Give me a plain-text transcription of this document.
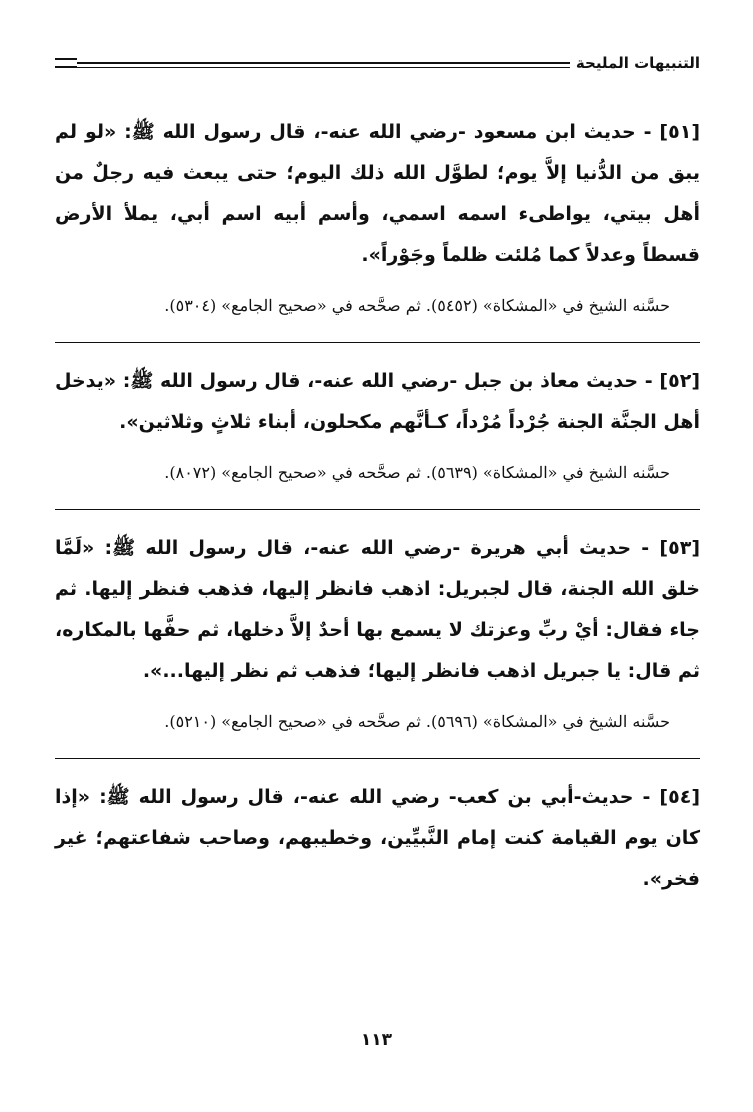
التنبيهات المليحة

[٥١] - حديث ابن مسعود -رضي الله عنه-، قال رسول الله ﷺ: «لو لم يبق من الدُّنيا إلاَّ يوم؛ لطوَّل الله ذلك اليوم؛ حتى يبعث فيه رجلٌ من أهل بيتي، يواطىء اسمه اسمي، وأسم أبيه اسم أبي، يملأ الأرض قسطاً وعدلاً كما مُلئت ظلماً وجَوْراً».

حسَّنه الشيخ في «المشكاة» (٥٤٥٢). ثم صحَّحه في «صحيح الجامع» (٥٣٠٤).

[٥٢] - حديث معاذ بن جبل -رضي الله عنه-، قال رسول الله ﷺ: «يدخل أهل الجنَّة الجنة جُرْداً مُرْداً، كـأنَّهم مكحلون، أبناء ثلاثٍ وثلاثين».

حسَّنه الشيخ في «المشكاة» (٥٦٣٩). ثم صحَّحه في «صحيح الجامع» (٨٠٧٢).

[٥٣] - حديث أبي هريرة -رضي الله عنه-، قال رسول الله ﷺ: «لَمَّا خلق الله الجنة، قال لجبريل: اذهب فانظر إليها، فذهب فنظر إليها. ثم جاء فقال: أيْ ربِّ وعزتك لا يسمع بها أحدٌ إلاَّ دخلها، ثم حفَّها بالمكاره، ثم قال: يا جبريل اذهب فانظر إليها؛ فذهب ثم نظر إليها...».

حسَّنه الشيخ في «المشكاة» (٥٦٩٦). ثم صحَّحه في «صحيح الجامع» (٥٢١٠).

[٥٤] - حديث-أبي بن كعب- رضي الله عنه-، قال رسول الله ﷺ: «إذا كان يوم القيامة كنت إمام النَّبيِّين، وخطيبهم، وصاحب شفاعتهم؛ غير فخر».

١١٣
